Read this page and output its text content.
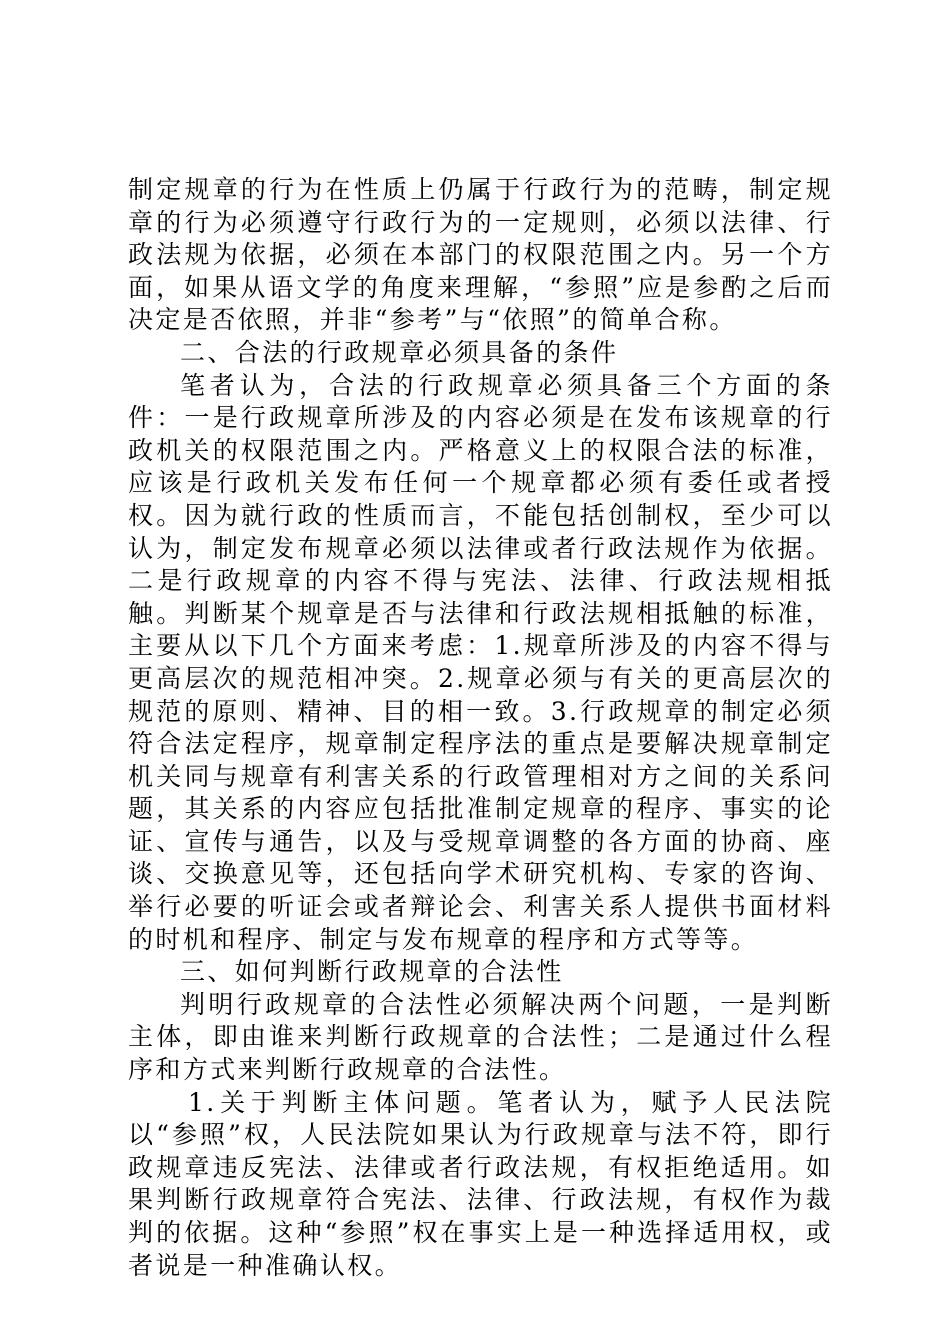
制定规章的行为在性质上仍属于行政行为的范畴，制定规章的行为必须遵守行政行为的一定规则，必须以法律、行政法规为依据，必须在本部门的权限范围之内。另一个方面，如果从语文学的角度来理解，“参照”应是参酌之后而决定是否依照，并非“参考”与“依照”的简单合称。

二、合法的行政规章必须具备的条件

笔者认为，合法的行政规章必须具备三个方面的条件：一是行政规章所涉及的内容必须是在发布该规章的行政机关的权限范围之内。严格意义上的权限合法的标准，应该是行政机关发布任何一个规章都必须有委任或者授权。因为就行政的性质而言，不能包括创制权，至少可以认为，制定发布规章必须以法律或者行政法规作为依据。二是行政规章的内容不得与宪法、法律、行政法规相抵触。判断某个规章是否与法律和行政法规相抵触的标准，主要从以下几个方面来考虑：1.规章所涉及的内容不得与更高层次的规范相冲突。2.规章必须与有关的更高层次的规范的原则、精神、目的相一致。3.行政规章的制定必须符合法定程序，规章制定程序法的重点是要解决规章制定机关同与规章有利害关系的行政管理相对方之间的关系问题，其关系的内容应包括批准制定规章的程序、事实的论证、宣传与通告，以及与受规章调整的各方面的协商、座谈、交换意见等，还包括向学术研究机构、专家的咨询、举行必要的听证会或者辩论会、利害关系人提供书面材料的时机和程序、制定与发布规章的程序和方式等等。

三、如何判断行政规章的合法性

判明行政规章的合法性必须解决两个问题，一是判断主体，即由谁来判断行政规章的合法性；二是通过什么程序和方式来判断行政规章的合法性。

1.关于判断主体问题。笔者认为，赋予人民法院以“参照”权，人民法院如果认为行政规章与法不符，即行政规章违反宪法、法律或者行政法规，有权拒绝适用。如果判断行政规章符合宪法、法律、行政法规，有权作为裁判的依据。这种“参照”权在事实上是一种选择适用权，或者说是一种准确认权。
